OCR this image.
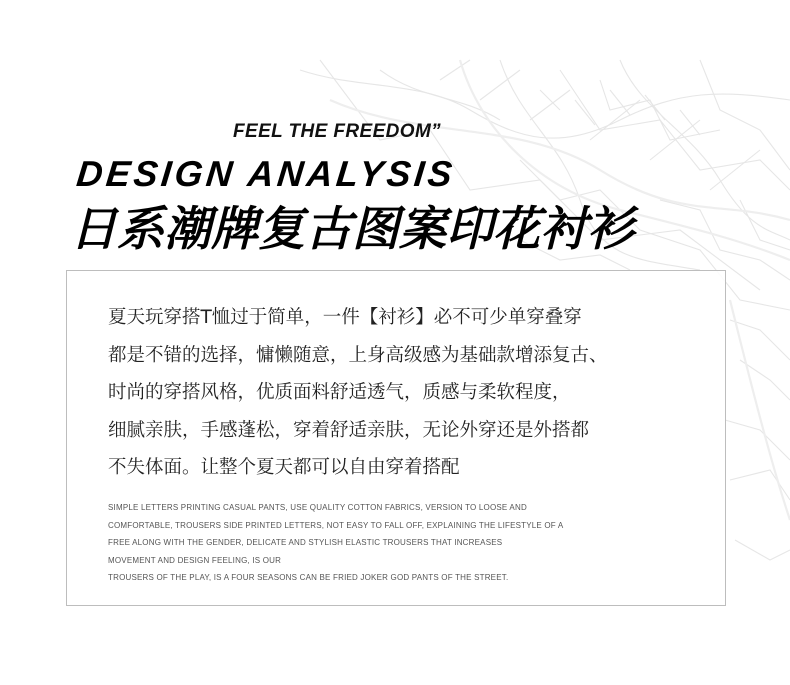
FEEL THE FREEDOM”
DESIGN ANALYSIS
日系潮牌复古图案印花衬衫
夏天玩穿搭T恤过于简单，一件【衬衫】必不可少单穿叠穿
都是不错的选择，慵懒随意，上身高级感为基础款增添复古、
时尚的穿搭风格，优质面料舒适透气，质感与柔软程度，
细腻亲肤，手感蓬松，穿着舒适亲肤，无论外穿还是外搭都
不失体面。让整个夏天都可以自由穿着搭配
SIMPLE LETTERS PRINTING CASUAL PANTS, USE QUALITY COTTON FABRICS, VERSION TO LOOSE AND
COMFORTABLE, TROUSERS SIDE PRINTED LETTERS, NOT EASY TO FALL OFF, EXPLAINING THE LIFESTYLE OF A
FREE ALONG WITH THE GENDER, DELICATE AND STYLISH ELASTIC TROUSERS THAT INCREASES
MOVEMENT AND DESIGN FEELING, IS OUR
TROUSERS OF THE PLAY, IS A FOUR SEASONS CAN BE FRIED JOKER GOD PANTS OF THE STREET.
